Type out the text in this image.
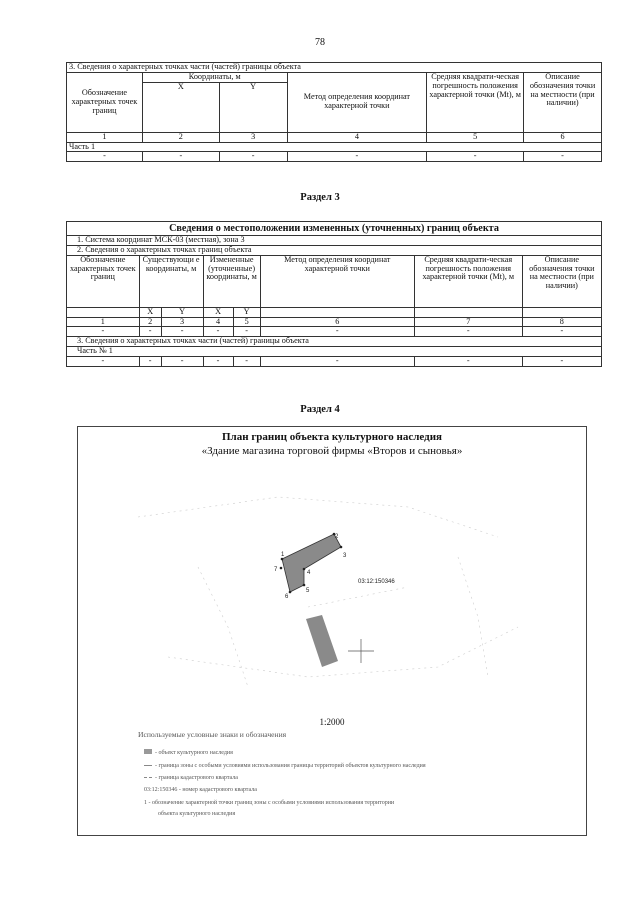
78
3. Сведения о характерных точках части (частей) границы объекта					
Обозначение характерных точек границ	Координаты, м		Метод определения координат характерной точки	Средняя квадрати-ческая погрешность положения характерной точки (Mt), м	Описание обозначения точки на местности (при наличии)
	X	Y			
1	2	3	4	5	6
Часть 1					
-	-	-	-	-	-
Раздел 3
Сведения о местоположении измененных (уточненных) границ объекта							
1. Система координат МСК-03 (местная), зона 3							
2. Сведения о характерных точках границ объекта							
Обозначение характерных точек границ	Существующи е координаты, м		Измененные (уточненные) координаты, м		Метод определения координат характерной точки	Средняя квадрати-ческая погрешность положения характерной точки (Mt), м	Описание обозначения точки на местности (при наличии)
	X	Y	X	Y			
1	2	3	4	5	6	7	8
-	-	-	-	-	-	-	-
3. Сведения о характерных точках части (частей) границы объекта							
Часть № 1							
-	-	-	-	-	-	-	-
Раздел 4
План границ объекта культурного наследия
«Здание магазина торговой фирмы «Второв и сыновья»
1
2
3
4
5
6
7
03:12:150346
1:2000
Используемые условные знаки и обозначения
- объект культурного наследия
- граница зоны с особыми условиями использования границы территорий объектов культурного наследия
- граница кадастрового квартала
03:12:150346 - номер кадастрового квартала
1 - обозначение характерной точки границ зоны с особыми условиями использования территории
объекта культурного наследия
